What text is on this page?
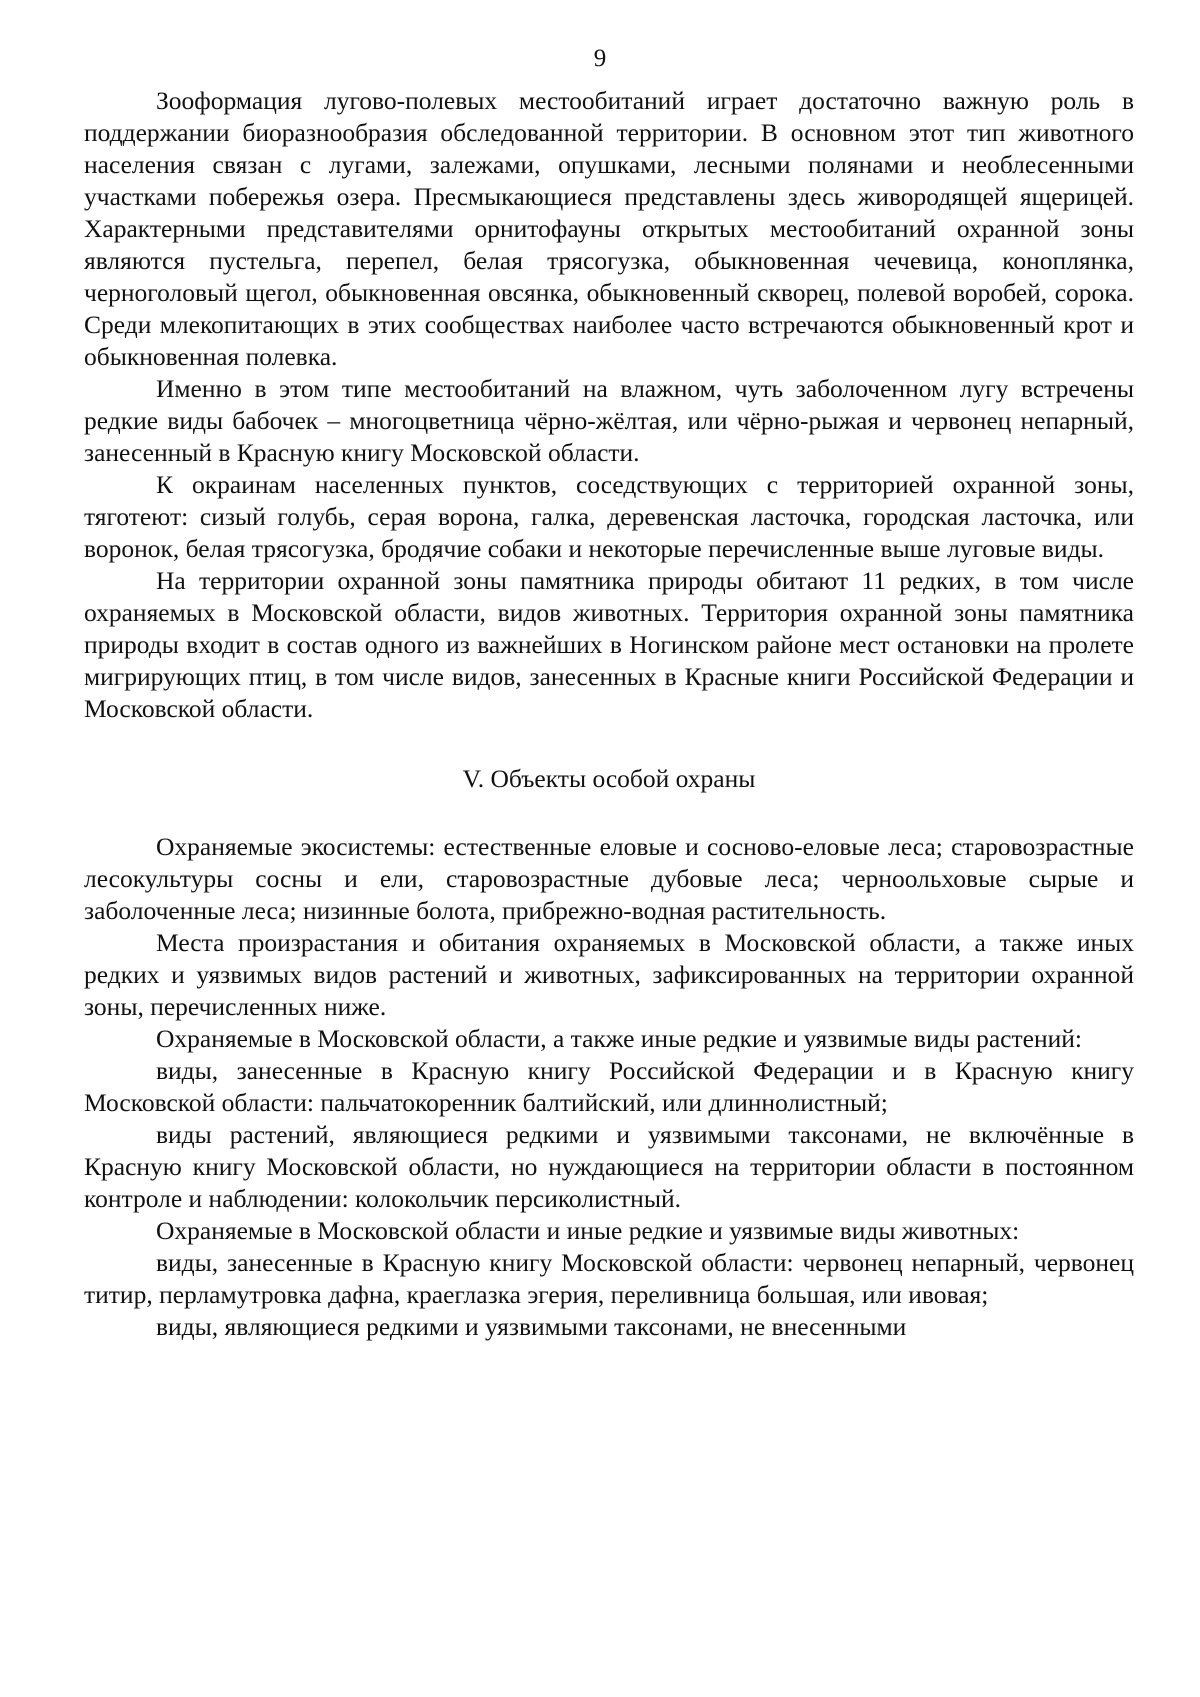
9

Зооформация лугово-полевых местообитаний играет достаточно важную роль в поддержании биоразнообразия обследованной территории. В основном этот тип животного населения связан с лугами, залежами, опушками, лесными полянами и необлесенными участками побережья озера. Пресмыкающиеся представлены здесь живородящей ящерицей. Характерными представителями орнитофауны открытых местообитаний охранной зоны являются пустельга, перепел, белая трясогузка, обыкновенная чечевица, коноплянка, черноголовый щегол, обыкновенная овсянка, обыкновенный скворец, полевой воробей, сорока. Среди млекопитающих в этих сообществах наиболее часто встречаются обыкновенный крот и обыкновенная полевка.

Именно в этом типе местообитаний на влажном, чуть заболоченном лугу встречены редкие виды бабочек – многоцветница чёрно-жёлтая, или чёрно-рыжая и червонец непарный, занесенный в Красную книгу Московской области.

К окраинам населенных пунктов, соседствующих с территорией охранной зоны, тяготеют: сизый голубь, серая ворона, галка, деревенская ласточка, городская ласточка, или воронок, белая трясогузка, бродячие собаки и некоторые перечисленные выше луговые виды.

На территории охранной зоны памятника природы обитают 11 редких, в том числе охраняемых в Московской области, видов животных. Территория охранной зоны памятника природы входит в состав одного из важнейших в Ногинском районе мест остановки на пролете мигрирующих птиц, в том числе видов, занесенных в Красные книги Российской Федерации и Московской области.

V. Объекты особой охраны

Охраняемые экосистемы: естественные еловые и сосново-еловые леса; старовозрастные лесокультуры сосны и ели, старовозрастные дубовые леса; черноольховые сырые и заболоченные леса; низинные болота, прибрежно-водная растительность.

Места произрастания и обитания охраняемых в Московской области, а также иных редких и уязвимых видов растений и животных, зафиксированных на территории охранной зоны, перечисленных ниже.

Охраняемые в Московской области, а также иные редкие и уязвимые виды растений:

виды, занесенные в Красную книгу Российской Федерации и в Красную книгу Московской области: пальчатокоренник балтийский, или длиннолистный;

виды растений, являющиеся редкими и уязвимыми таксонами, не включённые в Красную книгу Московской области, но нуждающиеся на территории области в постоянном контроле и наблюдении: колокольчик персиколистный.

Охраняемые в Московской области и иные редкие и уязвимые виды животных:

виды, занесенные в Красную книгу Московской области: червонец непарный, червонец титир, перламутровка дафна, краеглазка эгерия, переливница большая, или ивовая;

виды, являющиеся редкими и уязвимыми таксонами, не внесенными
